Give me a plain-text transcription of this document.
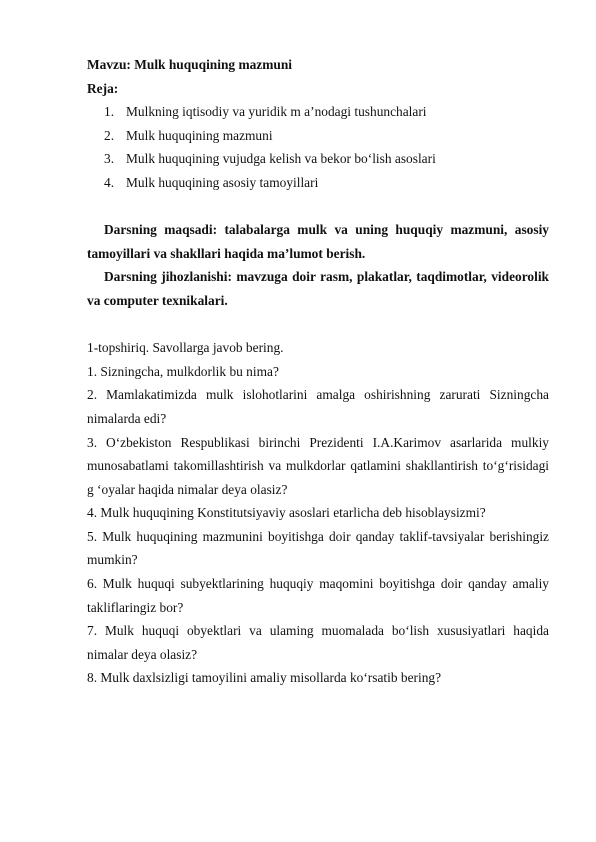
Mavzu: Mulk huquqining mazmuni

Reja:

1. Mulkning iqtisodiy va yuridik m a’nodagi tushunchalari
2. Mulk huquqining mazmuni
3. Mulk huquqining vujudga kelish va bekor bo‘lish asoslari
4. Mulk huquqining asosiy tamoyillari

Darsning maqsadi: talabalarga mulk va uning huquqiy mazmuni, asosiy tamoyillari va shakllari haqida ma’lumot berish.

Darsning jihozlanishi: mavzuga doir rasm, plakatlar, taqdimotlar, videorolik va computer texnikalari.

1-topshiriq. Savollarga javob bering.

1. Sizningcha, mulkdorlik bu nima?

2. Mamlakatimizda mulk islohotlarini amalga oshirishning zarurati Sizningcha nimalarda edi?

3. O‘zbekiston Respublikasi birinchi Prezidenti I.A.Karimov asarlarida mulkiy munosabatlami takomillashtirish va mulkdorlar qatlamini shakllantirish to‘g‘risidagi g ‘oyalar haqida nimalar deya olasiz?

4. Mulk huquqining Konstitutsiyaviy asoslari etarlicha deb hisoblaysizmi?

5. Mulk huquqining mazmunini boyitishga doir qanday taklif-tavsiyalar berishingiz mumkin?

6. Mulk huquqi subyektlarining huquqiy maqomini boyitishga doir qanday amaliy takliflaringiz bor?

7. Mulk huquqi obyektlari va ulaming muomalada bo‘lish xususiyatlari haqida nimalar deya olasiz?

8. Mulk daxlsizligi tamoyilini amaliy misollarda ko‘rsatib bering?
